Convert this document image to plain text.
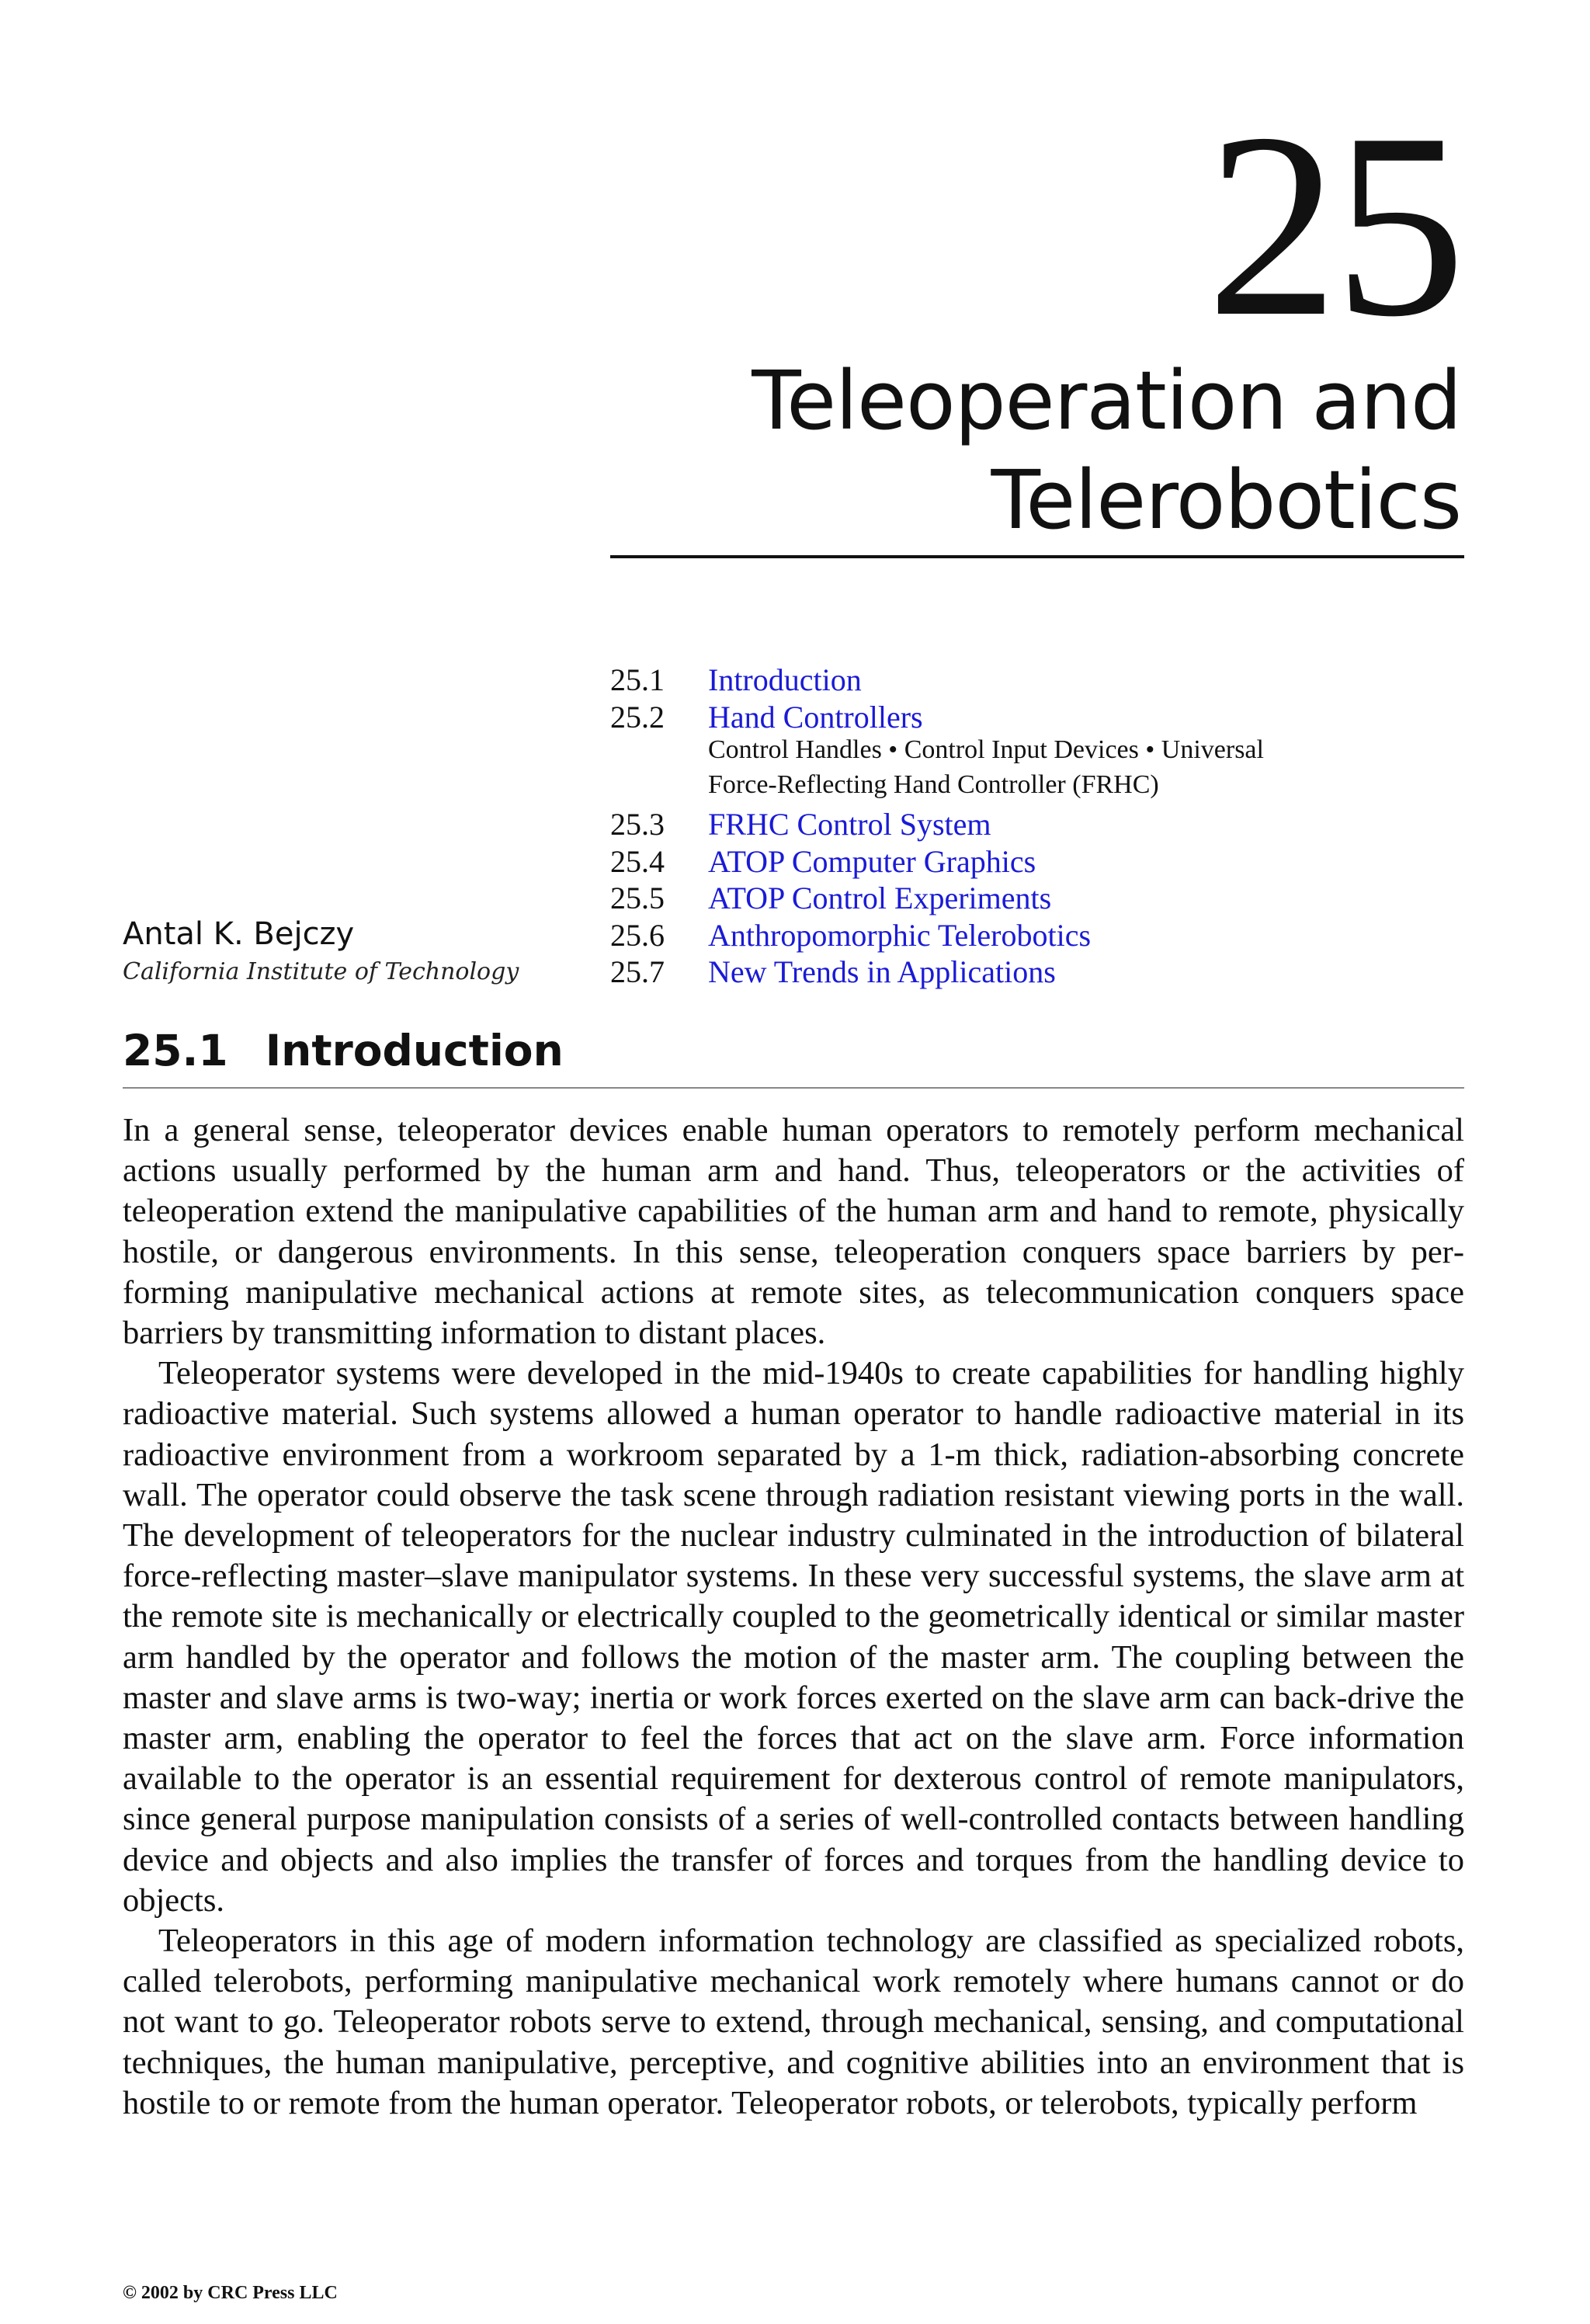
25
Teleoperation and
Telerobotics
25.1	Introduction
25.2	Hand Controllers
Control Handles • Control Input Devices • Universal
Force-Reflecting Hand Controller (FRHC)
25.3	FRHC Control System
25.4	ATOP Computer Graphics
25.5	ATOP Control Experiments
25.6	Anthropomorphic Telerobotics
25.7	New Trends in Applications
Antal K. Bejczy
California Institute of Technology
25.1 Introduction

In a general sense, teleoperator devices enable human operators to remotely perform mechanical actions usually performed by the human arm and hand. Thus, teleoperators or the activities of teleoperation extend the manipulative capabilities of the human arm and hand to remote, physically hostile, or dangerous environments. In this sense, teleoperation conquers space barriers by performing manipulative mechanical actions at remote sites, as telecommunication conquers space barriers by transmitting information to distant places.

Teleoperator systems were developed in the mid-1940s to create capabilities for handling highly radioactive material. Such systems allowed a human operator to handle radioactive material in its radioactive environment from a workroom separated by a 1-m thick, radiation-absorbing concrete wall. The operator could observe the task scene through radiation resistant viewing ports in the wall. The development of teleoperators for the nuclear industry culminated in the introduction of bilateral force-reflecting master–slave manipulator systems. In these very successful systems, the slave arm at the remote site is mechanically or electrically coupled to the geometrically identical or similar master arm handled by the operator and follows the motion of the master arm. The coupling between the master and slave arms is two-way; inertia or work forces exerted on the slave arm can back-drive the master arm, enabling the operator to feel the forces that act on the slave arm. Force information available to the operator is an essential requirement for dexterous control of remote manipulators, since general purpose manipulation consists of a series of well-controlled contacts between handling device and objects and also implies the transfer of forces and torques from the handling device to objects.

Teleoperators in this age of modern information technology are classified as specialized robots, called telerobots, performing manipulative mechanical work remotely where humans cannot or do not want to go. Teleoperator robots serve to extend, through mechanical, sensing, and computational techniques, the human manipulative, perceptive, and cognitive abilities into an environment that is hostile to or remote from the human operator. Teleoperator robots, or telerobots, typically perform

© 2002 by CRC Press LLC
